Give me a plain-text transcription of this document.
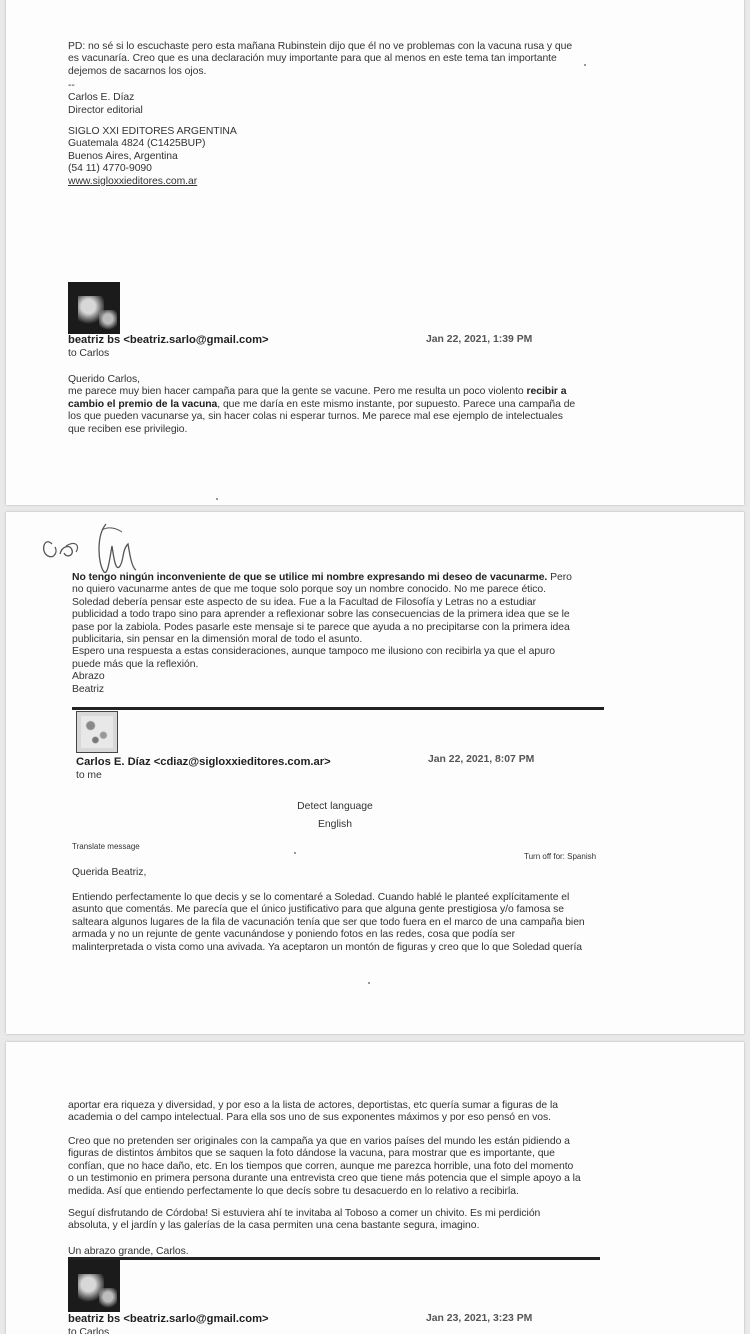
PD: no sé si lo escuchaste pero esta mañana Rubinstein dijo que él no ve problemas con la vacuna rusa y que

es vacunaría. Creo que es una declaración muy importante para que al menos en este tema tan importante

dejemos de sacarnos los ojos.

--

Carlos E. Díaz

Director editorial

SIGLO XXI EDITORES ARGENTINA

Guatemala 4824 (C1425BUP)

Buenos Aires, Argentina

(54 11) 4770-9090

www.sigloxxieditores.com.ar

beatriz bs <beatriz.sarlo@gmail.com>	Jan 22, 2021, 1:39 PM
to Carlos

Querido Carlos,

me parece muy bien hacer campaña para que la gente se vacune. Pero me resulta un poco violento recibir a

cambio el premio de la vacuna, que me daría en este mismo instante, por supuesto. Parece una campaña de

los que pueden vacunarse ya, sin hacer colas ni esperar turnos. Me parece mal ese ejemplo de intelectuales

que reciben ese privilegio.

No tengo ningún inconveniente de que se utilice mi nombre expresando mi deseo de vacunarme. Pero

no quiero vacunarme antes de que me toque solo porque soy un nombre conocido. No me parece ético.

Soledad debería pensar este aspecto de su idea. Fue a la Facultad de Filosofía y Letras no a estudiar

publicidad a todo trapo sino para aprender a reflexionar sobre las consecuencias de la primera idea que se le

pase por la zabiola. Podes pasarle este mensaje si te parece que ayuda a no precipitarse con la primera idea

publicitaria, sin pensar en la dimensión moral de todo el asunto.

Espero una respuesta a estas consideraciones, aunque tampoco me ilusiono con recibirla ya que el apuro

puede más que la reflexión.

Abrazo

Beatriz

Carlos E. Díaz <cdiaz@sigloxxieditores.com.ar>	Jan 22, 2021, 8:07 PM
to me
Detect language
English
Translate message
Turn off for: Spanish
Querida Beatriz,

Entiendo perfectamente lo que decis y se lo comentaré a Soledad. Cuando hablé le planteé explícitamente el

asunto que comentás. Me parecía que el único justificativo para que alguna gente prestigiosa y/o famosa se

salteara algunos lugares de la fila de vacunación tenía que ser que todo fuera en el marco de una campaña bien

armada y no un rejunte de gente vacunándose y poniendo fotos en las redes, cosa que podía ser

malinterpretada o vista como una avivada. Ya aceptaron un montón de figuras y creo que lo que Soledad quería

aportar era riqueza y diversidad, y por eso a la lista de actores, deportistas, etc quería sumar a figuras de la

academia o del campo intelectual. Para ella sos uno de sus exponentes máximos y por eso pensó en vos.

Creo que no pretenden ser originales con la campaña ya que en varios países del mundo les están pidiendo a

figuras de distintos ámbitos que se saquen la foto dándose la vacuna, para mostrar que es importante, que

confían, que no hace daño, etc. En los tiempos que corren, aunque me parezca horrible, una foto del momento

o un testimonio en primera persona durante una entrevista creo que tiene más potencia que el simple apoyo a la

medida. Así que entiendo perfectamente lo que decís sobre tu desacuerdo en lo relativo a recibirla.

Seguí disfrutando de Córdoba! Si estuviera ahí te invitaba al Toboso a comer un chivito. Es mi perdición

absoluta, y el jardín y las galerías de la casa permiten una cena bastante segura, imagino.

Un abrazo grande, Carlos.
beatriz bs <beatriz.sarlo@gmail.com>	Jan 23, 2021, 3:23 PM
to Carlos
